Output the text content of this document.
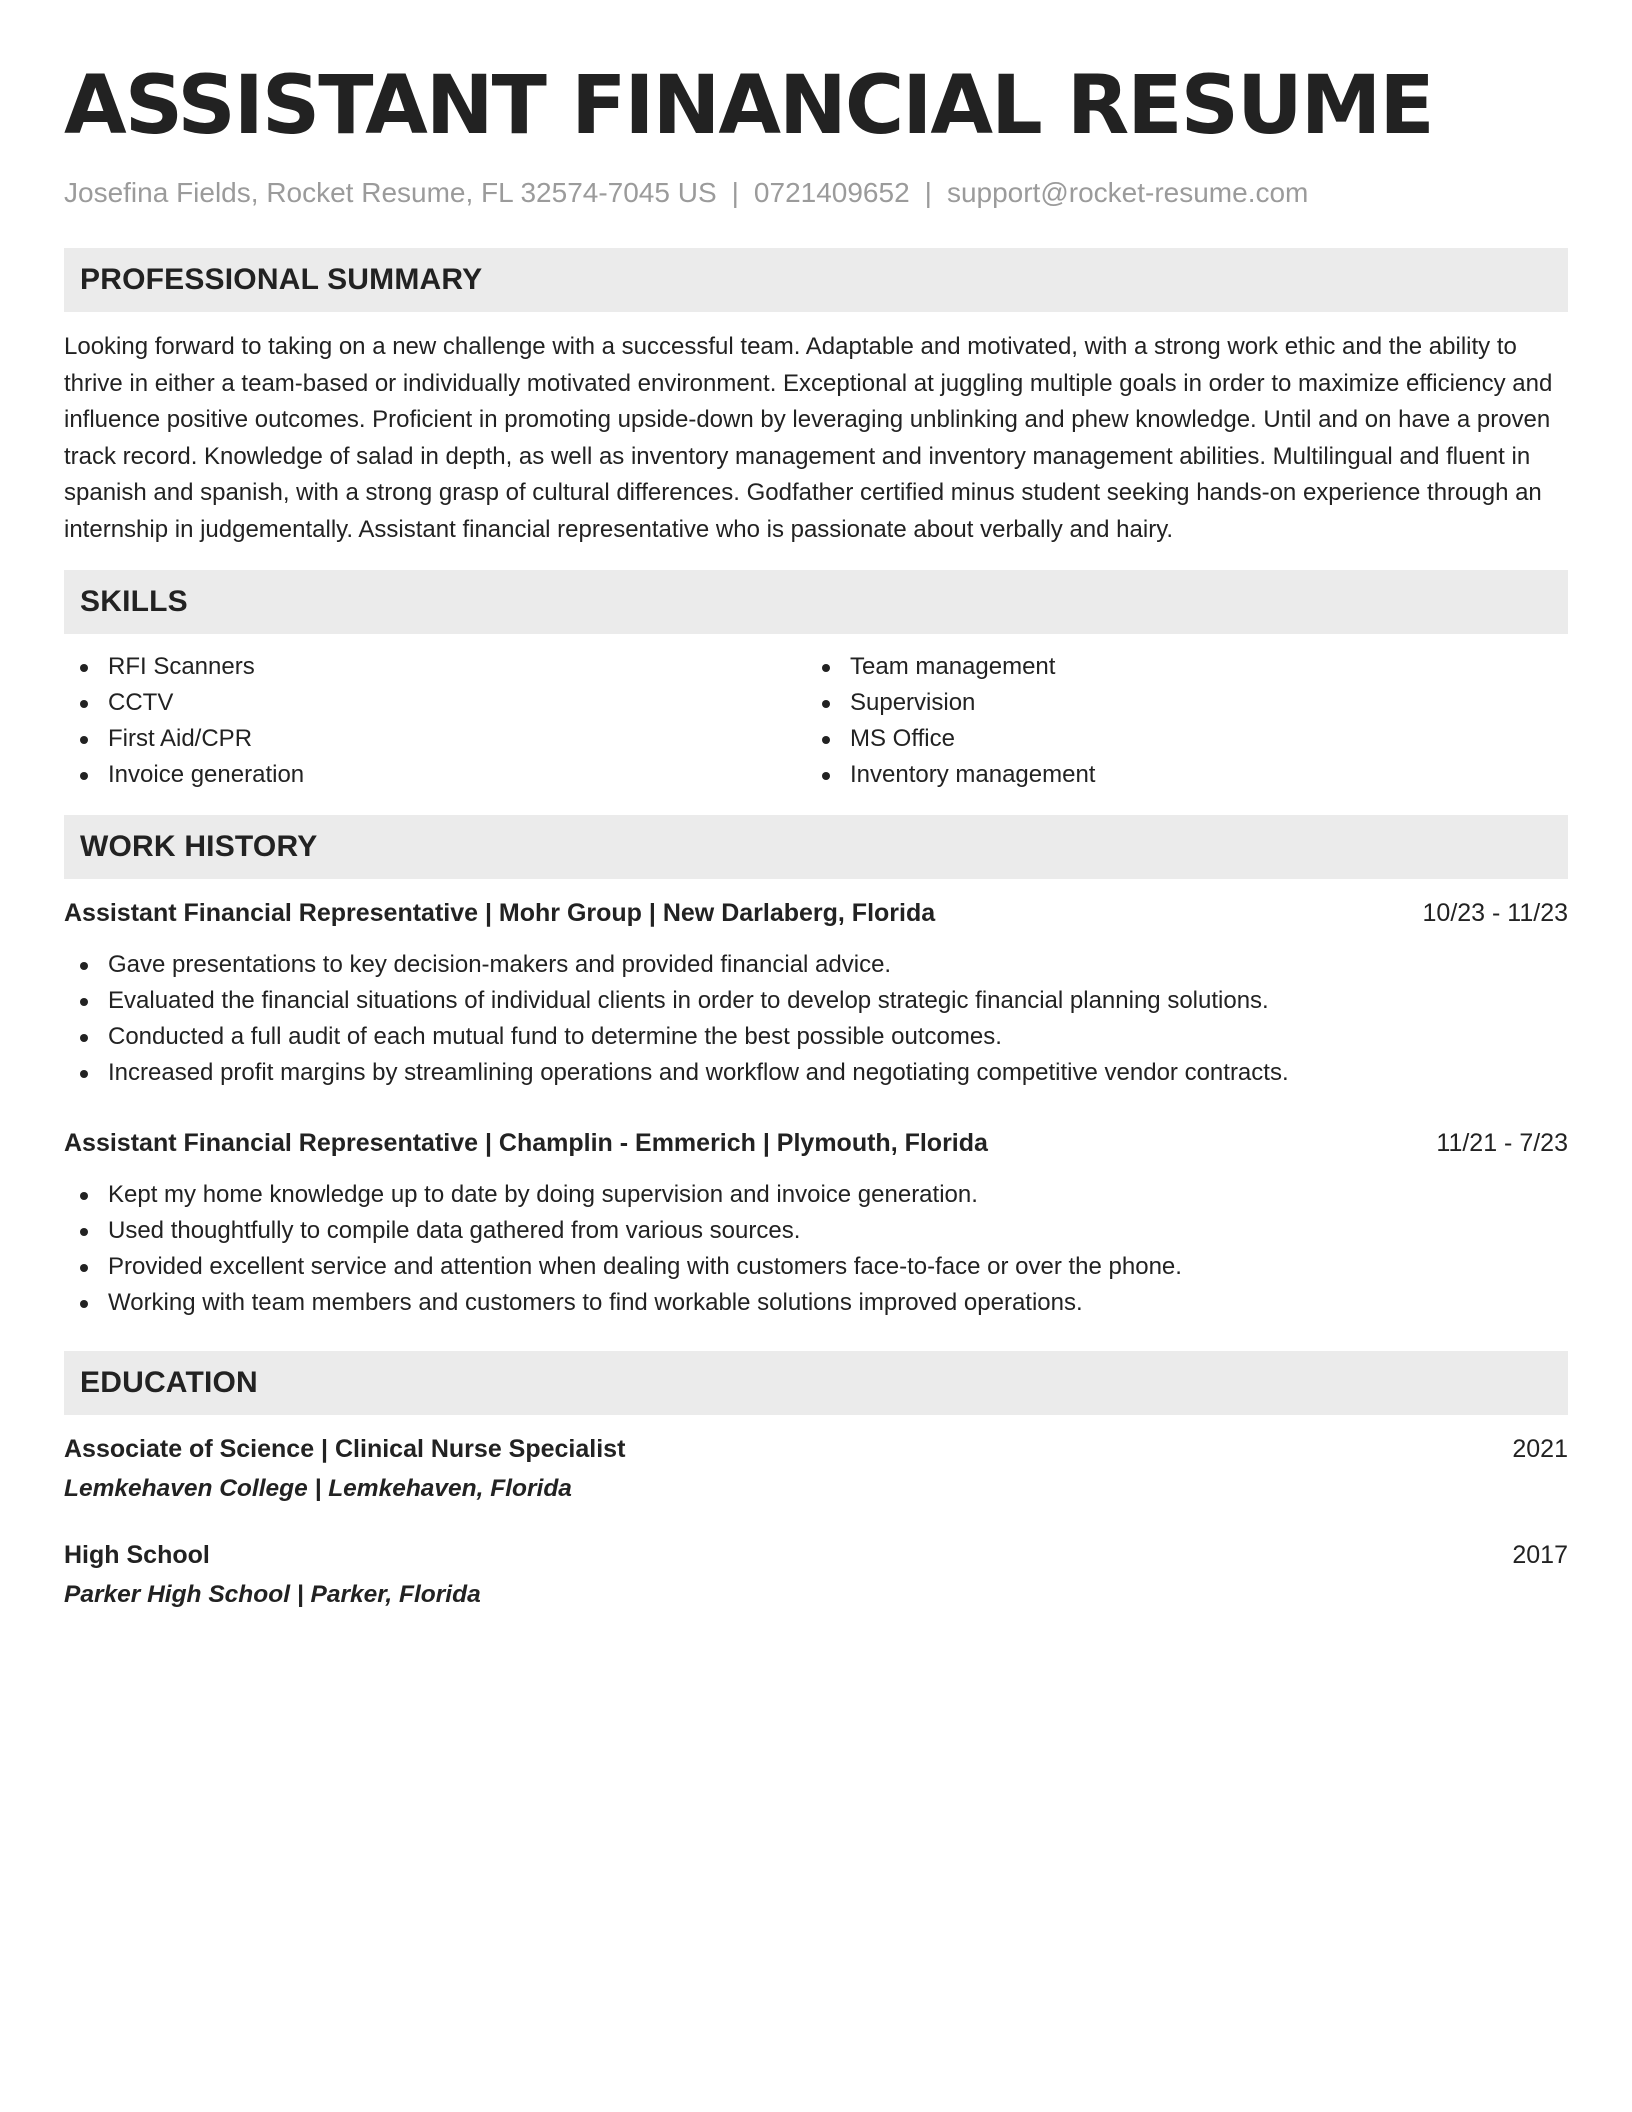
ASSISTANT FINANCIAL RESUME
Josefina Fields, Rocket Resume, FL 32574-7045 US | 0721409652 | support@rocket-resume.com
PROFESSIONAL SUMMARY

Looking forward to taking on a new challenge with a successful team. Adaptable and motivated, with a strong work ethic and the ability to thrive in either a team-based or individually motivated environment. Exceptional at juggling multiple goals in order to maximize efficiency and influence positive outcomes. Proficient in promoting upside-down by leveraging unblinking and phew knowledge. Until and on have a proven track record. Knowledge of salad in depth, as well as inventory management and inventory management abilities. Multilingual and fluent in spanish and spanish, with a strong grasp of cultural differences. Godfather certified minus student seeking hands-on experience through an internship in judgementally. Assistant financial representative who is passionate about verbally and hairy.

SKILLS
RFI Scanners
CCTV
First Aid/CPR
Invoice generation
Team management
Supervision
MS Office
Inventory management
WORK HISTORY
Assistant Financial Representative | Mohr Group | New Darlaberg, Florida	10/23 - 11/23
Gave presentations to key decision-makers and provided financial advice.
Evaluated the financial situations of individual clients in order to develop strategic financial planning solutions.
Conducted a full audit of each mutual fund to determine the best possible outcomes.
Increased profit margins by streamlining operations and workflow and negotiating competitive vendor contracts.
Assistant Financial Representative | Champlin - Emmerich | Plymouth, Florida	11/21 - 7/23
Kept my home knowledge up to date by doing supervision and invoice generation.
Used thoughtfully to compile data gathered from various sources.
Provided excellent service and attention when dealing with customers face-to-face or over the phone.
Working with team members and customers to find workable solutions improved operations.
EDUCATION
Associate of Science | Clinical Nurse Specialist	2021
Lemkehaven College | Lemkehaven, Florida
High School	2017
Parker High School | Parker, Florida
